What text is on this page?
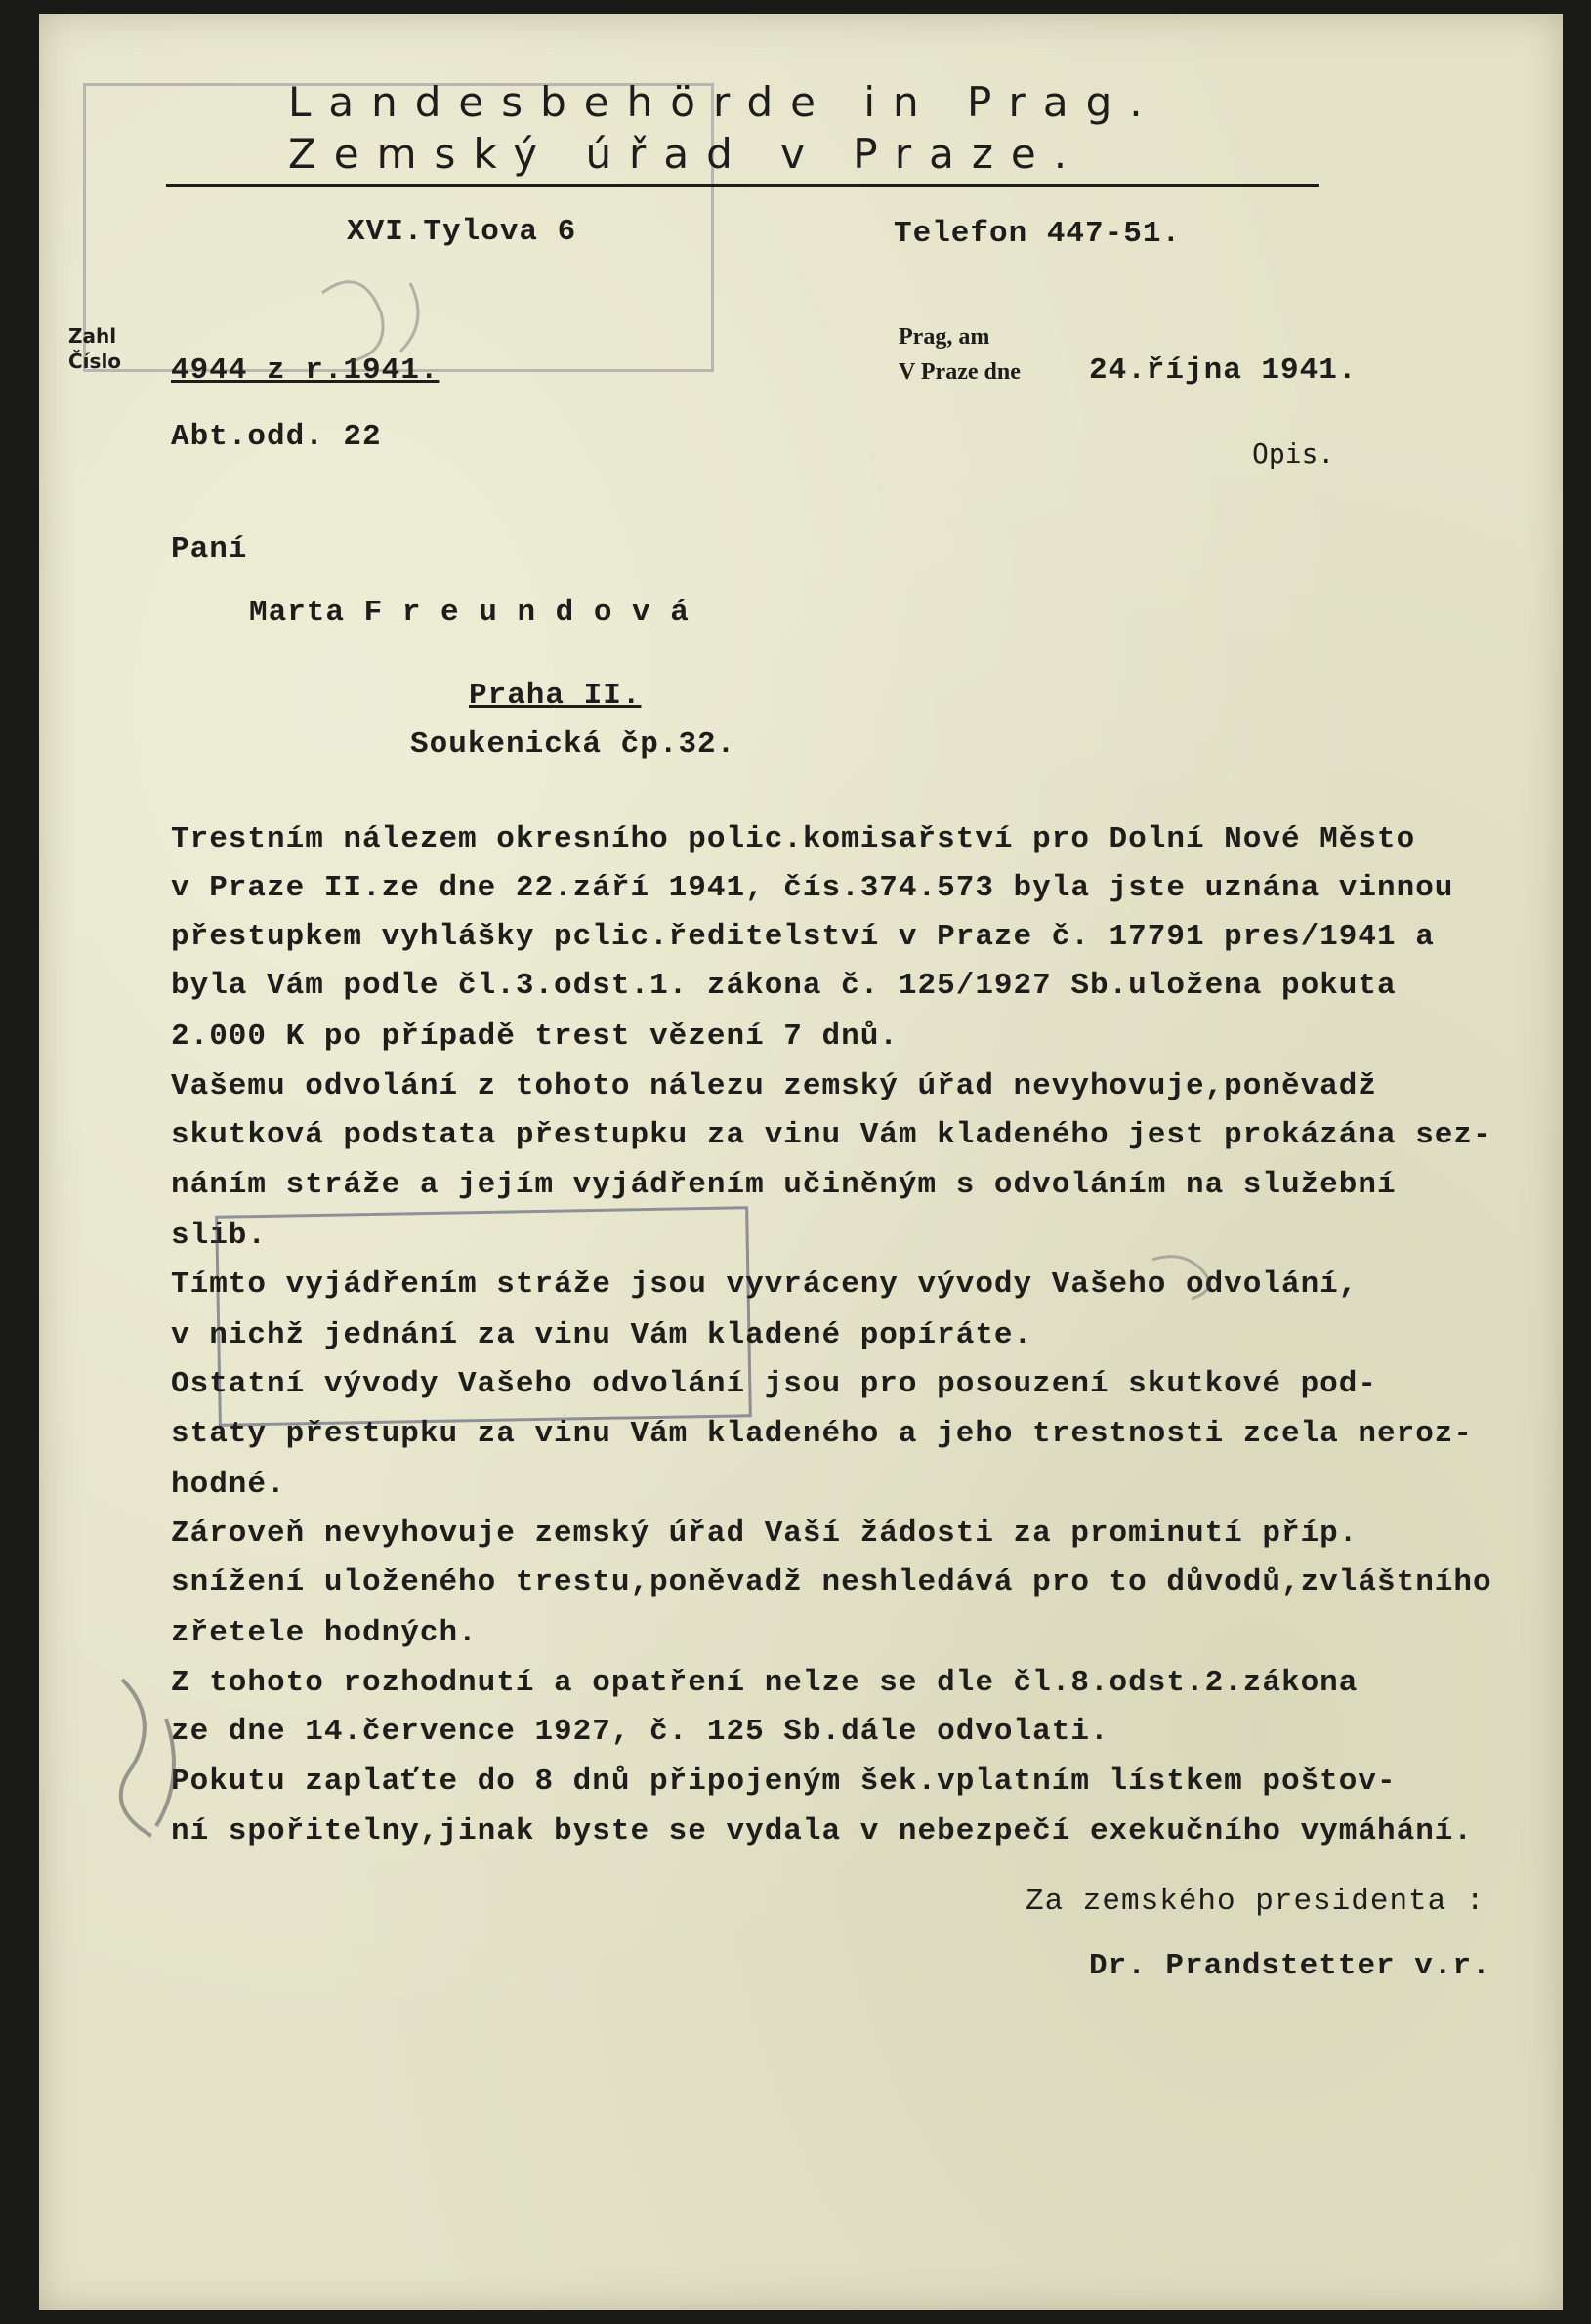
Landesbehörde in Prag.
Zemský úřad v Praze.
XVI.Tylova 6	Telefon 447-51.
Zahl
Číslo 4944 z r.1941.
Prag, am
V Praze dne 24.října 1941.
Abt.odd. 22	Opis.
Paní
Marta F r e u n d o v á
Praha II.
Soukenická čp.32.
Trestním nálezem okresního polic.komisařství pro Dolní Nové Město
v Praze II.ze dne 22.září 1941, čís.374.573 byla jste uznána vinnou
přestupkem vyhlášky pclic.ředitelství v Praze č. 17791 pres/1941 a
byla Vám podle čl.3.odst.1. zákona č. 125/1927 Sb.uložena pokuta
2.000 K po případě trest vězení 7 dnů.
Vašemu odvolání z tohoto nálezu zemský úřad nevyhovuje,poněvadž
skutková podstata přestupku za vinu Vám kladeného jest prokázána sez-
náním stráže a jejím vyjádřením učiněným s odvoláním na služební
slib.
Tímto vyjádřením stráže jsou vyvráceny vývody Vašeho odvolání,
v nichž jednání za vinu Vám kladené popíráte.
Ostatní vývody Vašeho odvolání jsou pro posouzení skutkové pod-
staty přestupku za vinu Vám kladeného a jeho trestnosti zcela neroz-
hodné.
Zároveň nevyhovuje zemský úřad Vaší žádosti za prominutí příp.
snížení uloženého trestu,poněvadž neshledává pro to důvodů,zvláštního
zřetele hodných.
Z tohoto rozhodnutí a opatření nelze se dle čl.8.odst.2.zákona
ze dne 14.července 1927, č. 125 Sb.dále odvolati.
Pokutu zaplaťte do 8 dnů připojeným šek.vplatním lístkem poštov-
ní spořitelny,jinak byste se vydala v nebezpečí exekučního vymáhání.
Za zemského presidenta :
Dr. Prandstetter v.r.
